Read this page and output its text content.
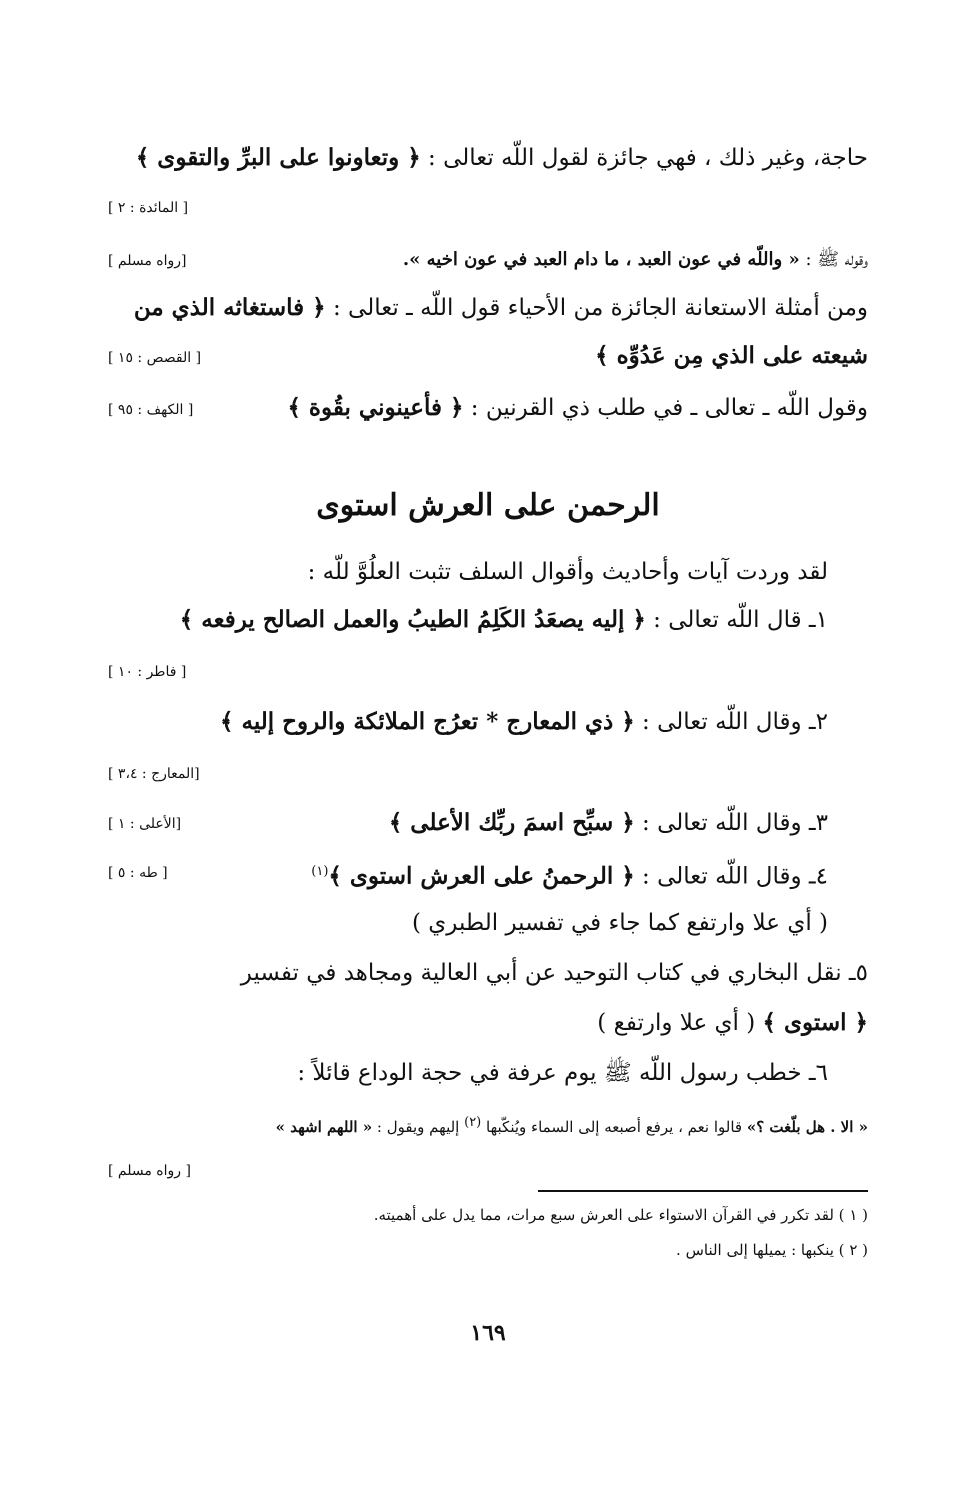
حاجة، وغير ذلك ، فهي جائزة لقول اللّه تعالى : ﴿ وتعاونوا على البرِّ والتقوى ﴾
[ المائدة : ٢ ]
وقوله ﷺ : « واللّه في عون العبد ، ما دام العبد في عون اخيه ».
[رواه مسلم ]
ومن أمثلة الاستعانة الجائزة من الأحياء قول اللّه ـ تعالى : ﴿ فاستغاثه الذي من
شيعته على الذي مِن عَدُوِّه ﴾
[ القصص : ١٥ ]
وقول اللّه ـ تعالى ـ في طلب ذي القرنين : ﴿ فأعينوني بقُوة ﴾
[ الكهف : ٩٥ ]
الرحمن على العرش استوى
لقد وردت آيات وأحاديث وأقوال السلف تثبت العلُوَّ للّه :
١ـ قال اللّه تعالى : ﴿ إليه يصعَدُ الكَلِمُ الطيبُ والعمل الصالح يرفعه ﴾
[ فاطر : ١٠ ]
٢ـ وقال اللّه تعالى : ﴿ ذي المعارج * تعرُج الملائكة والروح إليه ﴾
[المعارج : ٣،٤ ]
٣ـ وقال اللّه تعالى : ﴿ سبِّح اسمَ ربِّك الأعلى ﴾
[الأعلى : ١ ]
٤ـ وقال اللّه تعالى : ﴿ الرحمنُ على العرش استوى ﴾$^{(١)}$
[ طه : ٥ ]
( أي علا وارتفع كما جاء في تفسير الطبري )
٥ـ نقل البخاري في كتاب التوحيد عن أبي العالية ومجاهد في تفسير
﴿ استوى ﴾ ( أي علا وارتفع )
٦ـ خطب رسول اللّه ﷺ يوم عرفة في حجة الوداع قائلاً :
« الا . هل بلّغت ؟» قالوا نعم ، يرفع أصبعه إلى السماء ويُنكّبها $^{(٢)}$ إليهم ويقول : « اللهم اشهد »
[ رواه مسلم ]
( ١ ) لقد تكرر في القرآن الاستواء على العرش سبع مرات، مما يدل على أهميته.
( ٢ ) ينكبها : يميلها إلى الناس .
١٦٩
